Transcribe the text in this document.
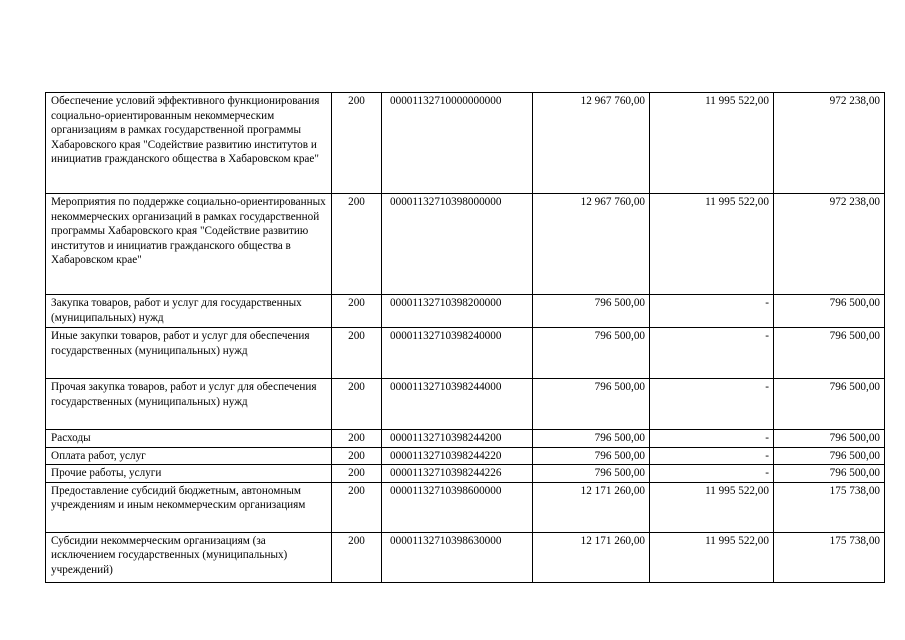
Обеспечение условий эффективного функционирования социально-ориентированным некоммерческим организациям в рамках государственной программы Хабаровского края "Содействие развитию институтов и инициатив гражданского общества в Хабаровском крае"	200	00001132710000000000	12 967 760,00	11 995 522,00	972 238,00
Мероприятия по поддержке социально-ориентированных некоммерческих организаций в рамках государственной программы Хабаровского края "Содействие развитию институтов и инициатив гражданского общества в Хабаровском крае"	200	00001132710398000000	12 967 760,00	11 995 522,00	972 238,00
Закупка товаров, работ и услуг для государственных (муниципальных) нужд	200	00001132710398200000	796 500,00	-	796 500,00
Иные закупки товаров, работ и услуг для обеспечения государственных (муниципальных) нужд	200	00001132710398240000	796 500,00	-	796 500,00
Прочая закупка товаров, работ и услуг для обеспечения государственных (муниципальных) нужд	200	00001132710398244000	796 500,00	-	796 500,00
Расходы	200	00001132710398244200	796 500,00	-	796 500,00
Оплата работ, услуг	200	00001132710398244220	796 500,00	-	796 500,00
Прочие работы, услуги	200	00001132710398244226	796 500,00	-	796 500,00
Предоставление субсидий бюджетным, автономным учреждениям и иным некоммерческим организациям	200	00001132710398600000	12 171 260,00	11 995 522,00	175 738,00
Субсидии некоммерческим организациям (за исключением государственных (муниципальных) учреждений)	200	00001132710398630000	12 171 260,00	11 995 522,00	175 738,00
